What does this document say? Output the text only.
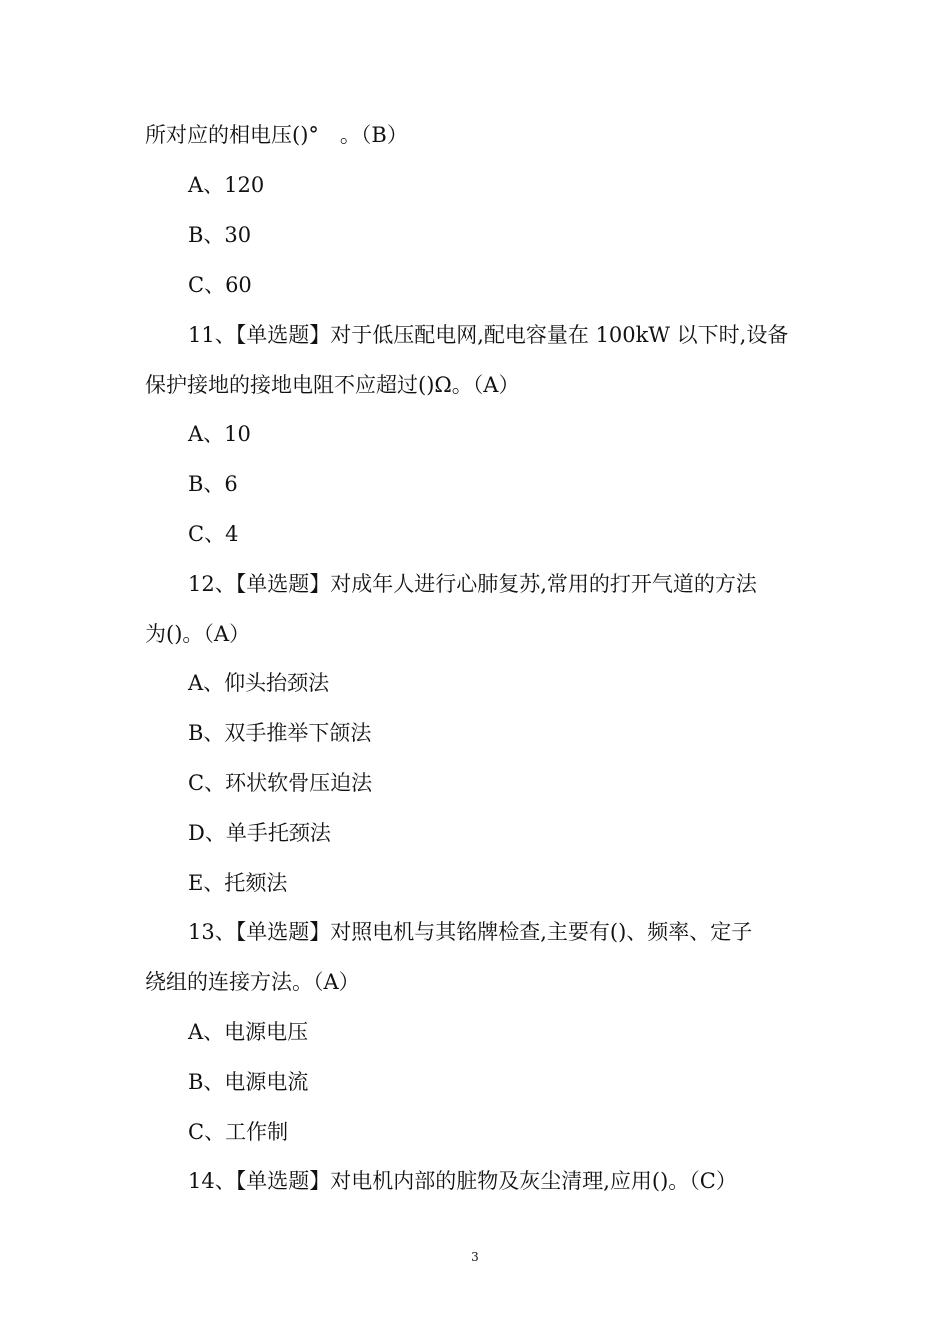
所对应的相电压()°　。（B）
A、120
B、30
C、60
11、【单选题】对于低压配电网,配电容量在 100kW 以下时,设备
保护接地的接地电阻不应超过()Ω。（A）
A、10
B、6
C、4
12、【单选题】对成年人进行心肺复苏,常用的打开气道的方法
为()。（A）
A、仰头抬颈法
B、双手推举下颌法
C、环状软骨压迫法
D、单手托颈法
E、托颏法
13、【单选题】对照电机与其铭牌检查,主要有()、频率、定子
绕组的连接方法。（A）
A、电源电压
B、电源电流
C、工作制
14、【单选题】对电机内部的脏物及灰尘清理,应用()。（C）
3
